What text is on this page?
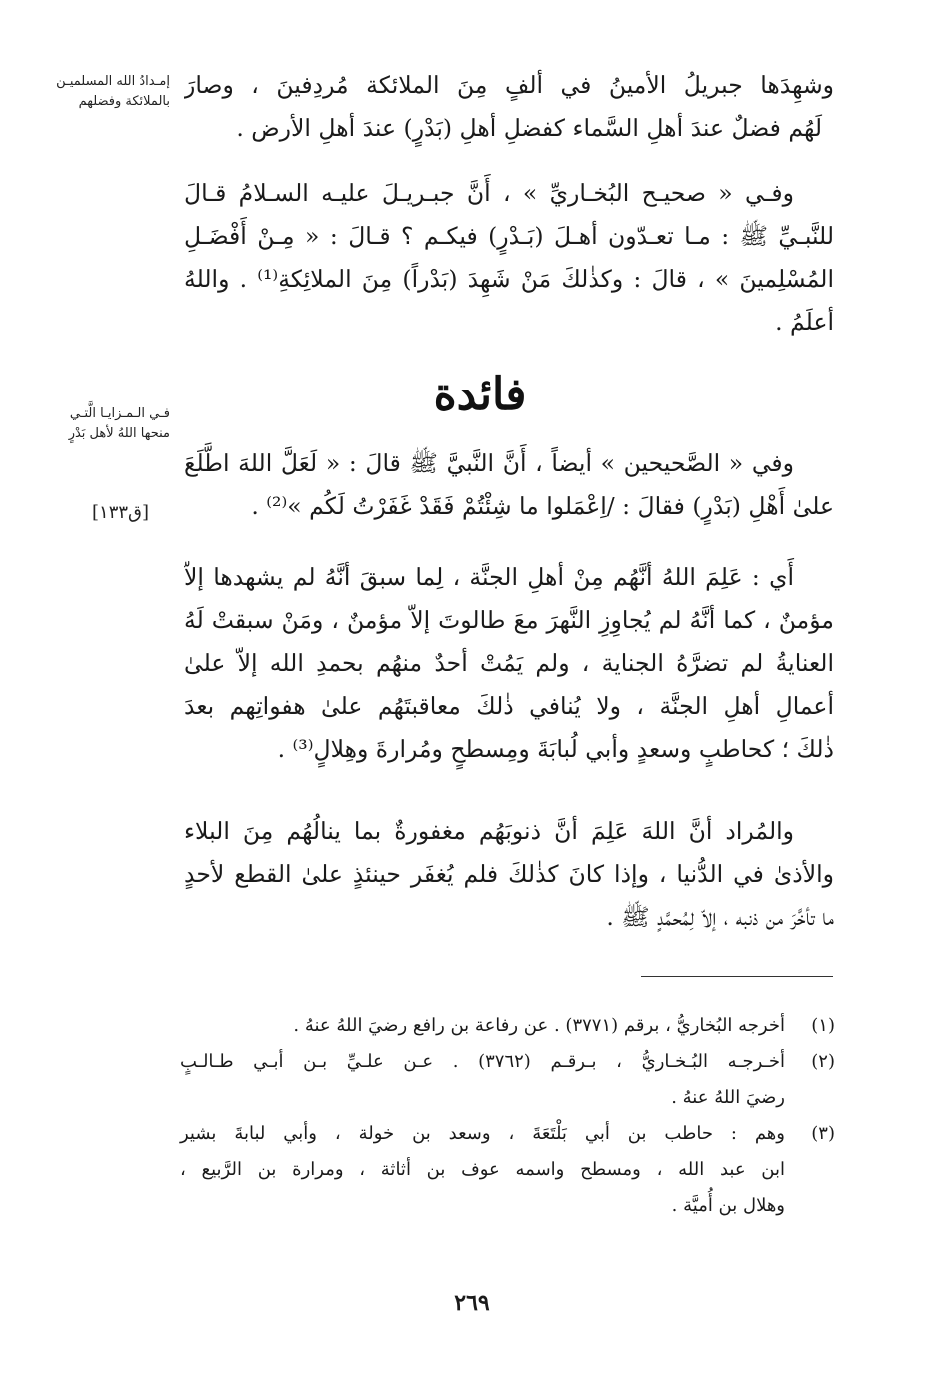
إمـدادُ الله المسلميـن
بالملائكة وفضلهم
فـي الـمـزايـا الَّتـي
منحها اللهُ لأهل بَدْرٍ
[ق١٣٣]
وشهِدَها جبريلُ الأمينُ في ألفٍ مِنَ الملائكة مُردِفينَ ، وصارَ
لَهُم فضلٌ عندَ أهلِ السَّماء كفضلِ أهلِ (بَدْرٍ) عندَ أهلِ الأرض .
وفـي « صحيـح البُخـاريِّ » ، أَنَّ جبـريـلَ عليـه السـلامُ قـالَ
للنَّبـيِّ ﷺ : مـا تعـدّون أهـلَ (بَـدْرٍ) فيكـم ؟ قـالَ : « مِـنْ أَفْضَـلِ
المُسْلِمينَ » ، قالَ : وكذٰلكَ مَنْ شَهِدَ (بَدْراً) مِنَ الملائِكةِ⁽¹⁾ . واللهُ
أعلَمُ .
فائدة
وفي « الصَّحيحين » أيضاً ، أَنَّ النَّبيَّ ﷺ قالَ : « لَعَلَّ اللهَ اطَّلَعَ
علىٰ أَهْلِ (بَدْرٍ) فقالَ : /اِعْمَلوا ما شِئْتُمْ فَقَدْ غَفَرْتُ لَكُم »⁽²⁾ .
أَي : عَلِمَ اللهُ أنَّهُم مِنْ أهلِ الجنَّة ، لِما سبقَ أنَّهُ لم يشهدها إلاّ
مؤمنٌ ، كما أنَّهُ لم يُجاوِزِ النَّهرَ معَ طالوتَ إلاّ مؤمنٌ ، ومَنْ سبقتْ لَهُ
العنايةُ لم تضرَّهُ الجناية ، ولم يَمُتْ أحدٌ منهُم بحمدِ الله إلاّ علىٰ
أعمالِ أهلِ الجنَّة ، ولا يُنافي ذٰلكَ معاقبتَهُم علىٰ هفواتِهم بعدَ
ذٰلكَ ؛ كحاطبٍ وسعدٍ وأبي لُبابَةَ ومِسطحٍ ومُرارةَ وهِلالٍ⁽³⁾ .
والمُراد أنَّ اللهَ عَلِمَ أنَّ ذنوبَهُم مغفورةٌ بما ينالُهُم مِنَ البلاء
والأذىٰ في الدُّنيا ، وإذا كانَ كذٰلكَ فلم يُغفَر حينئذٍ علىٰ القطع لأحدٍ
ما تأخَّرَ من ذنبه ، إلاّ لِمُحمَّدٍ ﷺ .
(١)
أخرجه البُخاريُّ ، برقم (٣٧٧١) . عن رفاعة بن رافع رضيَ اللهُ عنهُ .
(٢)
أخـرجـه البُـخـاريُّ ، بـرقـم (٣٧٦٢) . عـن علـيِّ بـن أبـي طـالـبٍ
رضيَ اللهُ عنهُ .
(٣)
وهم : حاطب بن أبي بَلْتَعَةَ ، وسعد بن خولة ، وأبي لبابةَ بشير
ابن عبد الله ، ومسطح واسمه عوف بن أثاثة ، ومرارة بن الرَّبيع ،
وهلال بن أُميَّة .
٢٦٩
